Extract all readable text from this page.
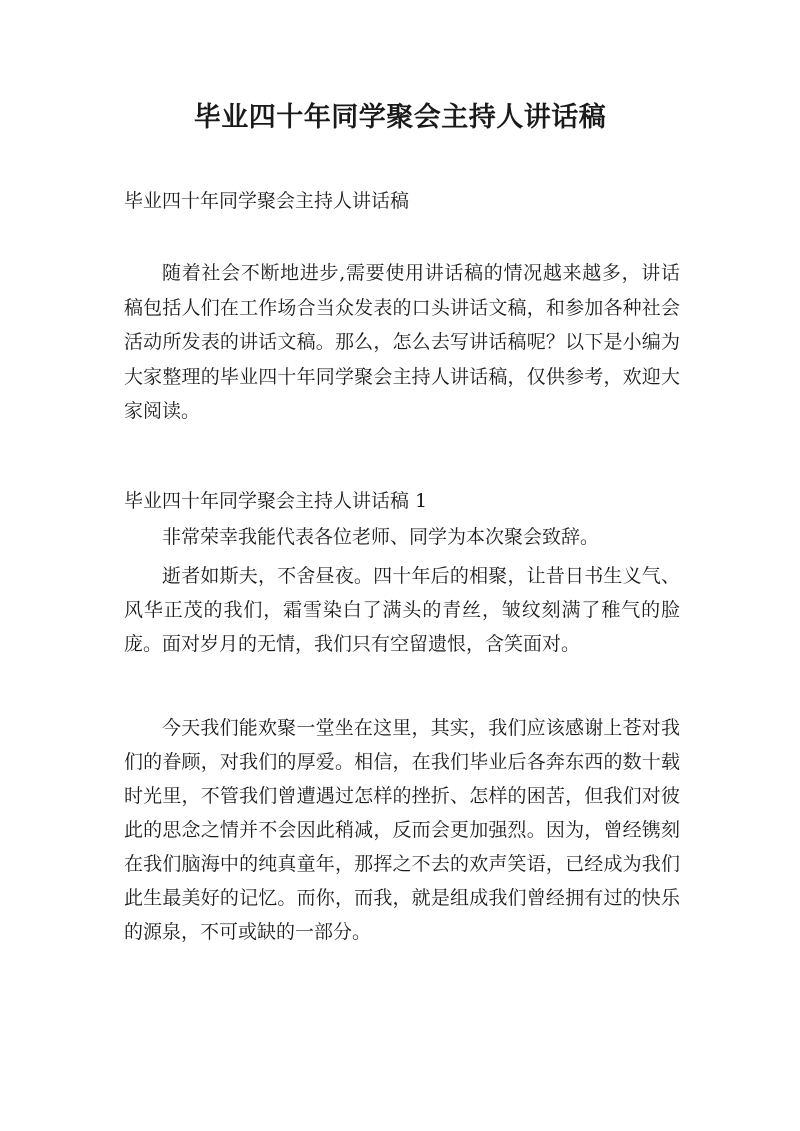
毕业四十年同学聚会主持人讲话稿

毕业四十年同学聚会主持人讲话稿

随着社会不断地进步,需要使用讲话稿的情况越来越多，讲话稿包括人们在工作场合当众发表的口头讲话文稿，和参加各种社会活动所发表的讲话文稿。那么，怎么去写讲话稿呢？以下是小编为大家整理的毕业四十年同学聚会主持人讲话稿，仅供参考，欢迎大家阅读。

毕业四十年同学聚会主持人讲话稿 1

非常荣幸我能代表各位老师、同学为本次聚会致辞。

逝者如斯夫，不舍昼夜。四十年后的相聚，让昔日书生义气、风华正茂的我们，霜雪染白了满头的青丝，皱纹刻满了稚气的脸庞。面对岁月的无情，我们只有空留遗恨，含笑面对。

今天我们能欢聚一堂坐在这里，其实，我们应该感谢上苍对我们的眷顾，对我们的厚爱。相信，在我们毕业后各奔东西的数十载时光里，不管我们曾遭遇过怎样的挫折、怎样的困苦，但我们对彼此的思念之情并不会因此稍减，反而会更加强烈。因为，曾经镌刻在我们脑海中的纯真童年，那挥之不去的欢声笑语，已经成为我们此生最美好的记忆。而你，而我，就是组成我们曾经拥有过的快乐的源泉，不可或缺的一部分。
